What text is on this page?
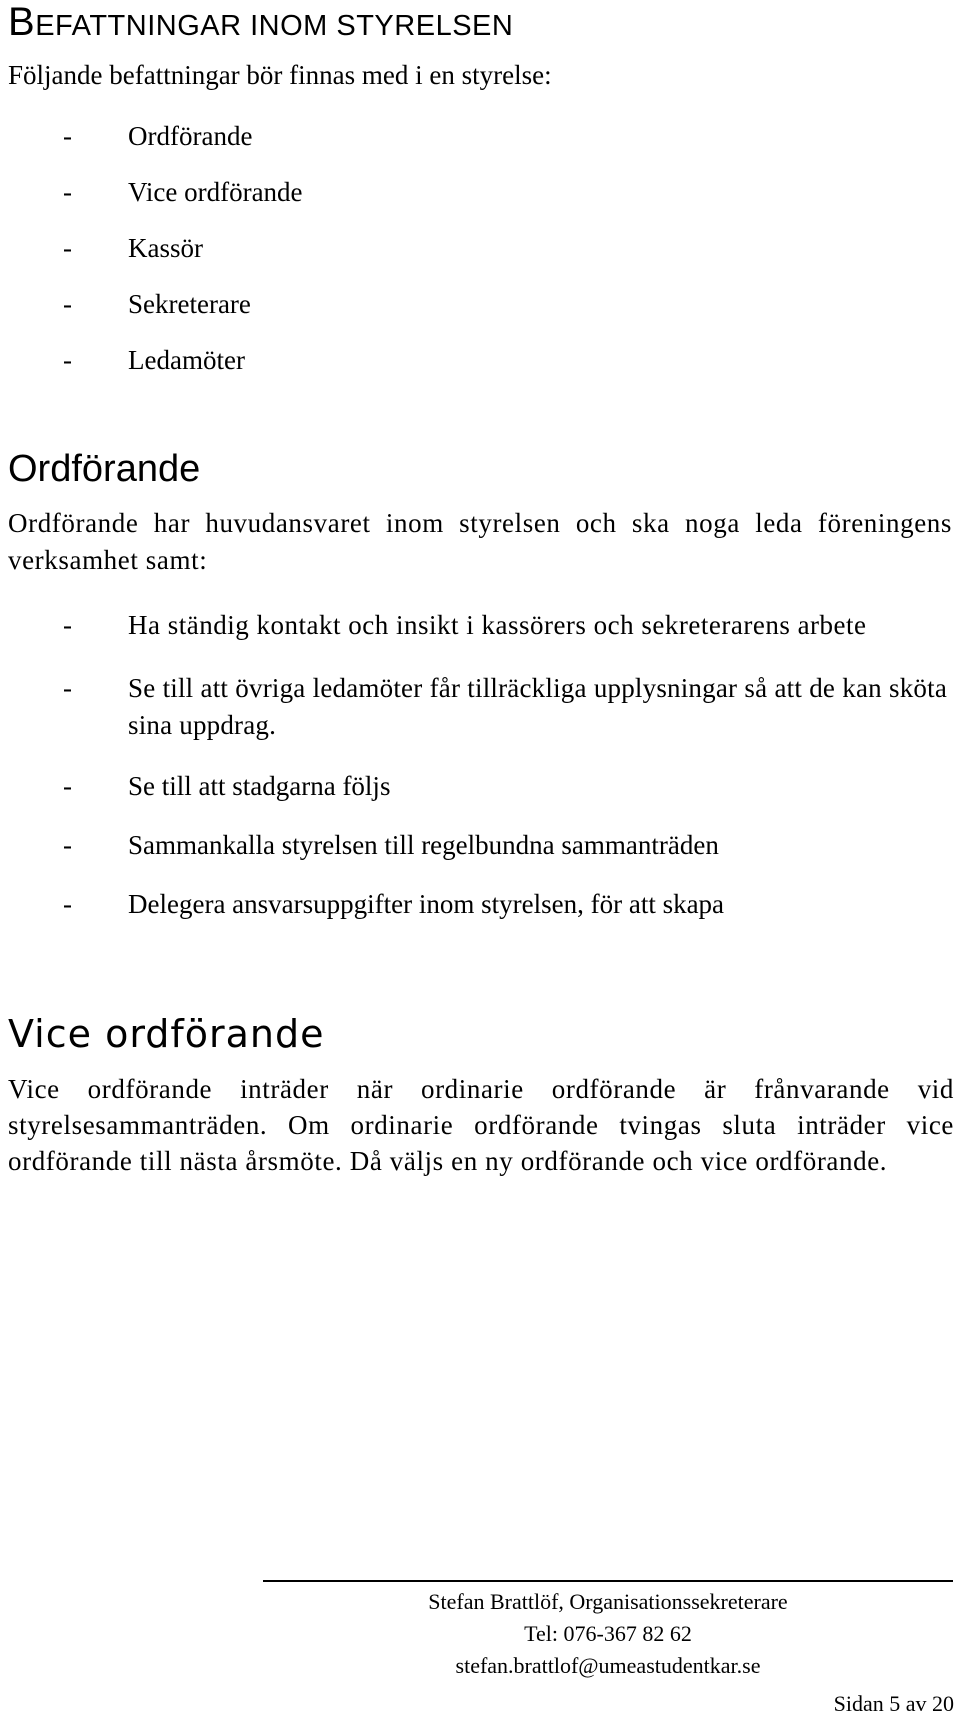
BEFATTNINGAR INOM STYRELSEN

Följande befattningar bör finnas med i en styrelse:

- Ordförande
- Vice ordförande
- Kassör
- Sekreterare
- Ledamöter
Ordförande

Ordförande har huvudansvaret inom styrelsen och ska noga leda föreningens verksamhet samt:

- Ha ständig kontakt och insikt i kassörers och sekreterarens arbete
- Se till att övriga ledamöter får tillräckliga upplysningar så att de kan sköta sina uppdrag.
- Se till att stadgarna följs
- Sammankalla styrelsen till regelbundna sammanträden
- Delegera ansvarsuppgifter inom styrelsen, för att skapa
Vice ordförande

Vice ordförande inträder när ordinarie ordförande är frånvarande vid styrelsesammanträden. Om ordinarie ordförande tvingas sluta inträder vice ordförande till nästa årsmöte. Då väljs en ny ordförande och vice ordförande.

Stefan Brattlöf, Organisationssekreterare
Tel: 076-367 82 62
stefan.brattlof@umeastudentkar.se
Sidan 5 av 20
